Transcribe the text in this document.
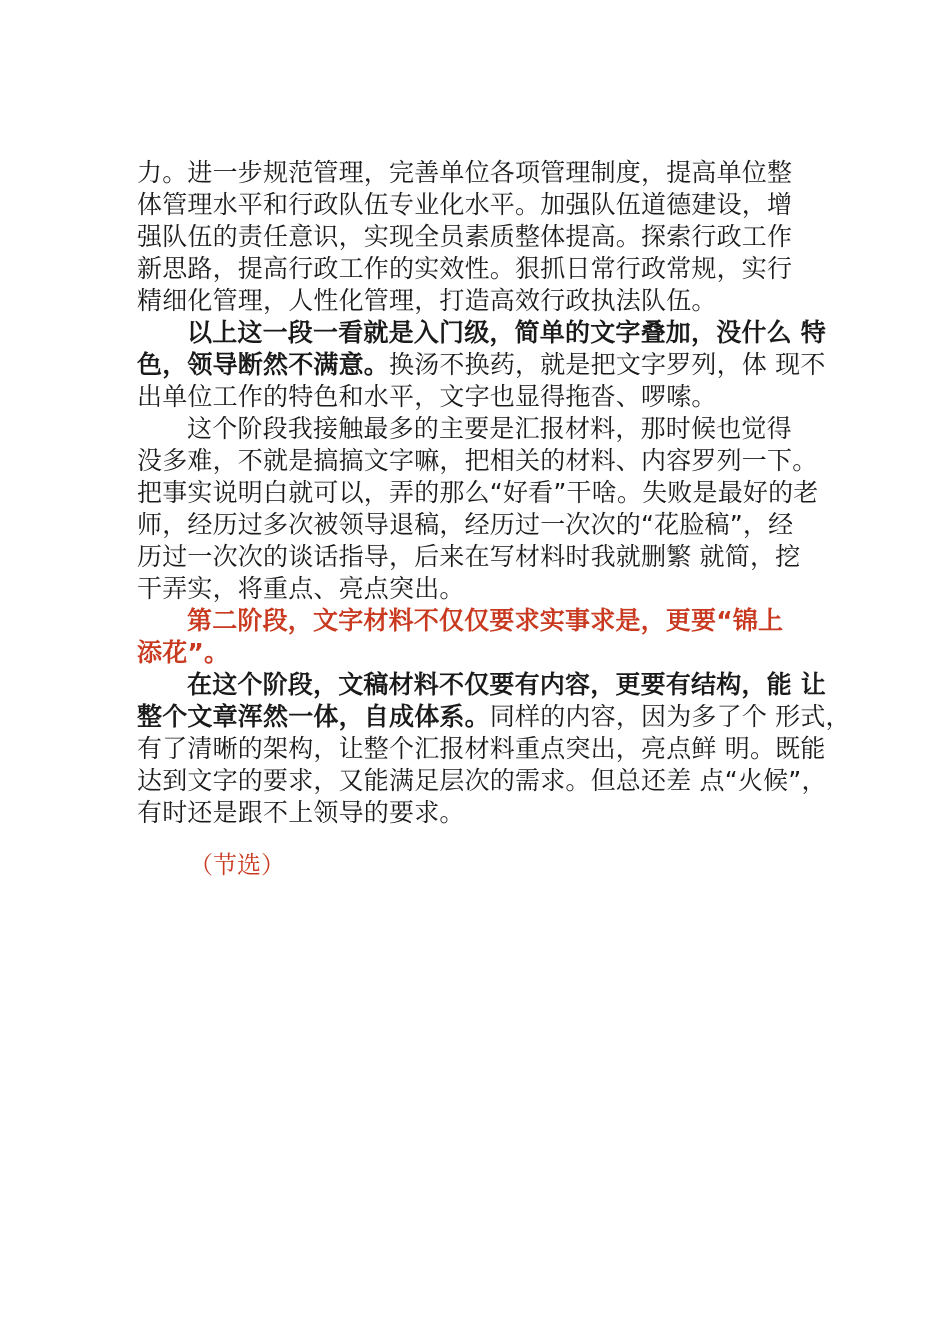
力。进一步规范管理，完善单位各项管理制度，提高单位整
体管理水平和行政队伍专业化水平。加强队伍道德建设，增
强队伍的责任意识，实现全员素质整体提高。探索行政工作
新思路，提高行政工作的实效性。狠抓日常行政常规，实行
精细化管理，人性化管理，打造高效行政执法队伍。
以上这一段一看就是入门级，简单的文字叠加，没什么 特
色，领导断然不满意。换汤不换药，就是把文字罗列，体 现不
出单位工作的特色和水平，文字也显得拖沓、啰嗦。
这个阶段我接触最多的主要是汇报材料，那时候也觉得
没多难，不就是搞搞文字嘛，把相关的材料、内容罗列一下。
把事实说明白就可以，弄的那么“好看”干啥。失败是最好的老
师，经历过多次被领导退稿，经历过一次次的“花脸稿”，经
历过一次次的谈话指导，后来在写材料时我就删繁 就简，挖
干弄实，将重点、亮点突出。
第二阶段，文字材料不仅仅要求实事求是，更要“锦上
添花”。
在这个阶段，文稿材料不仅要有内容，更要有结构，能 让
整个文章浑然一体，自成体系。同样的内容，因为多了个 形式，
有了清晰的架构，让整个汇报材料重点突出，亮点鲜 明。既能
达到文字的要求，又能满足层次的需求。但总还差 点“火候”，
有时还是跟不上领导的要求。
（节选）
